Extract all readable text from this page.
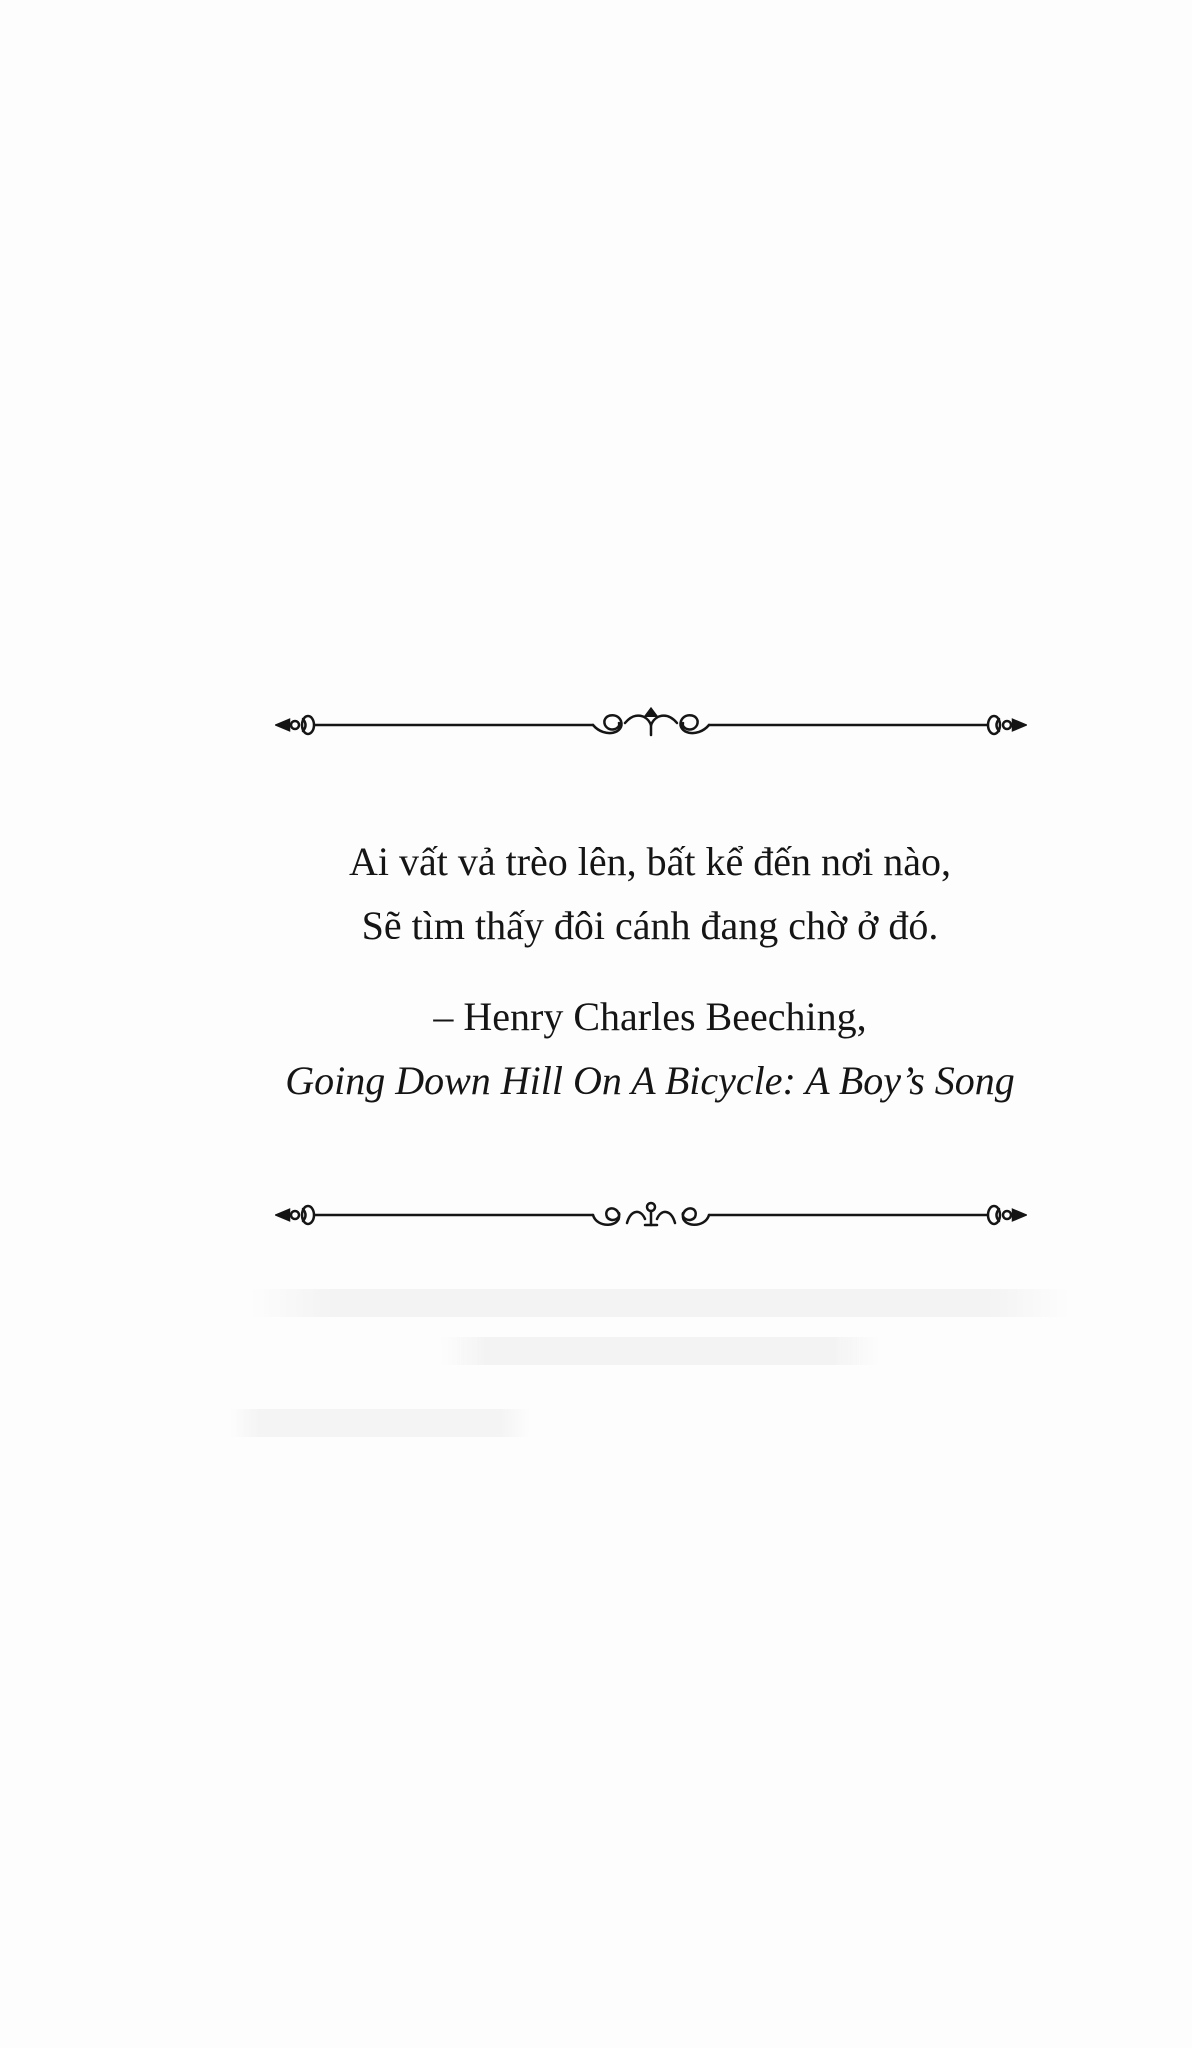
Ai vất vả trèo lên, bất kể đến nơi nào,
Sẽ tìm thấy đôi cánh đang chờ ở đó.
– Henry Charles Beeching,
Going Down Hill On A Bicycle: A Boy’s Song
